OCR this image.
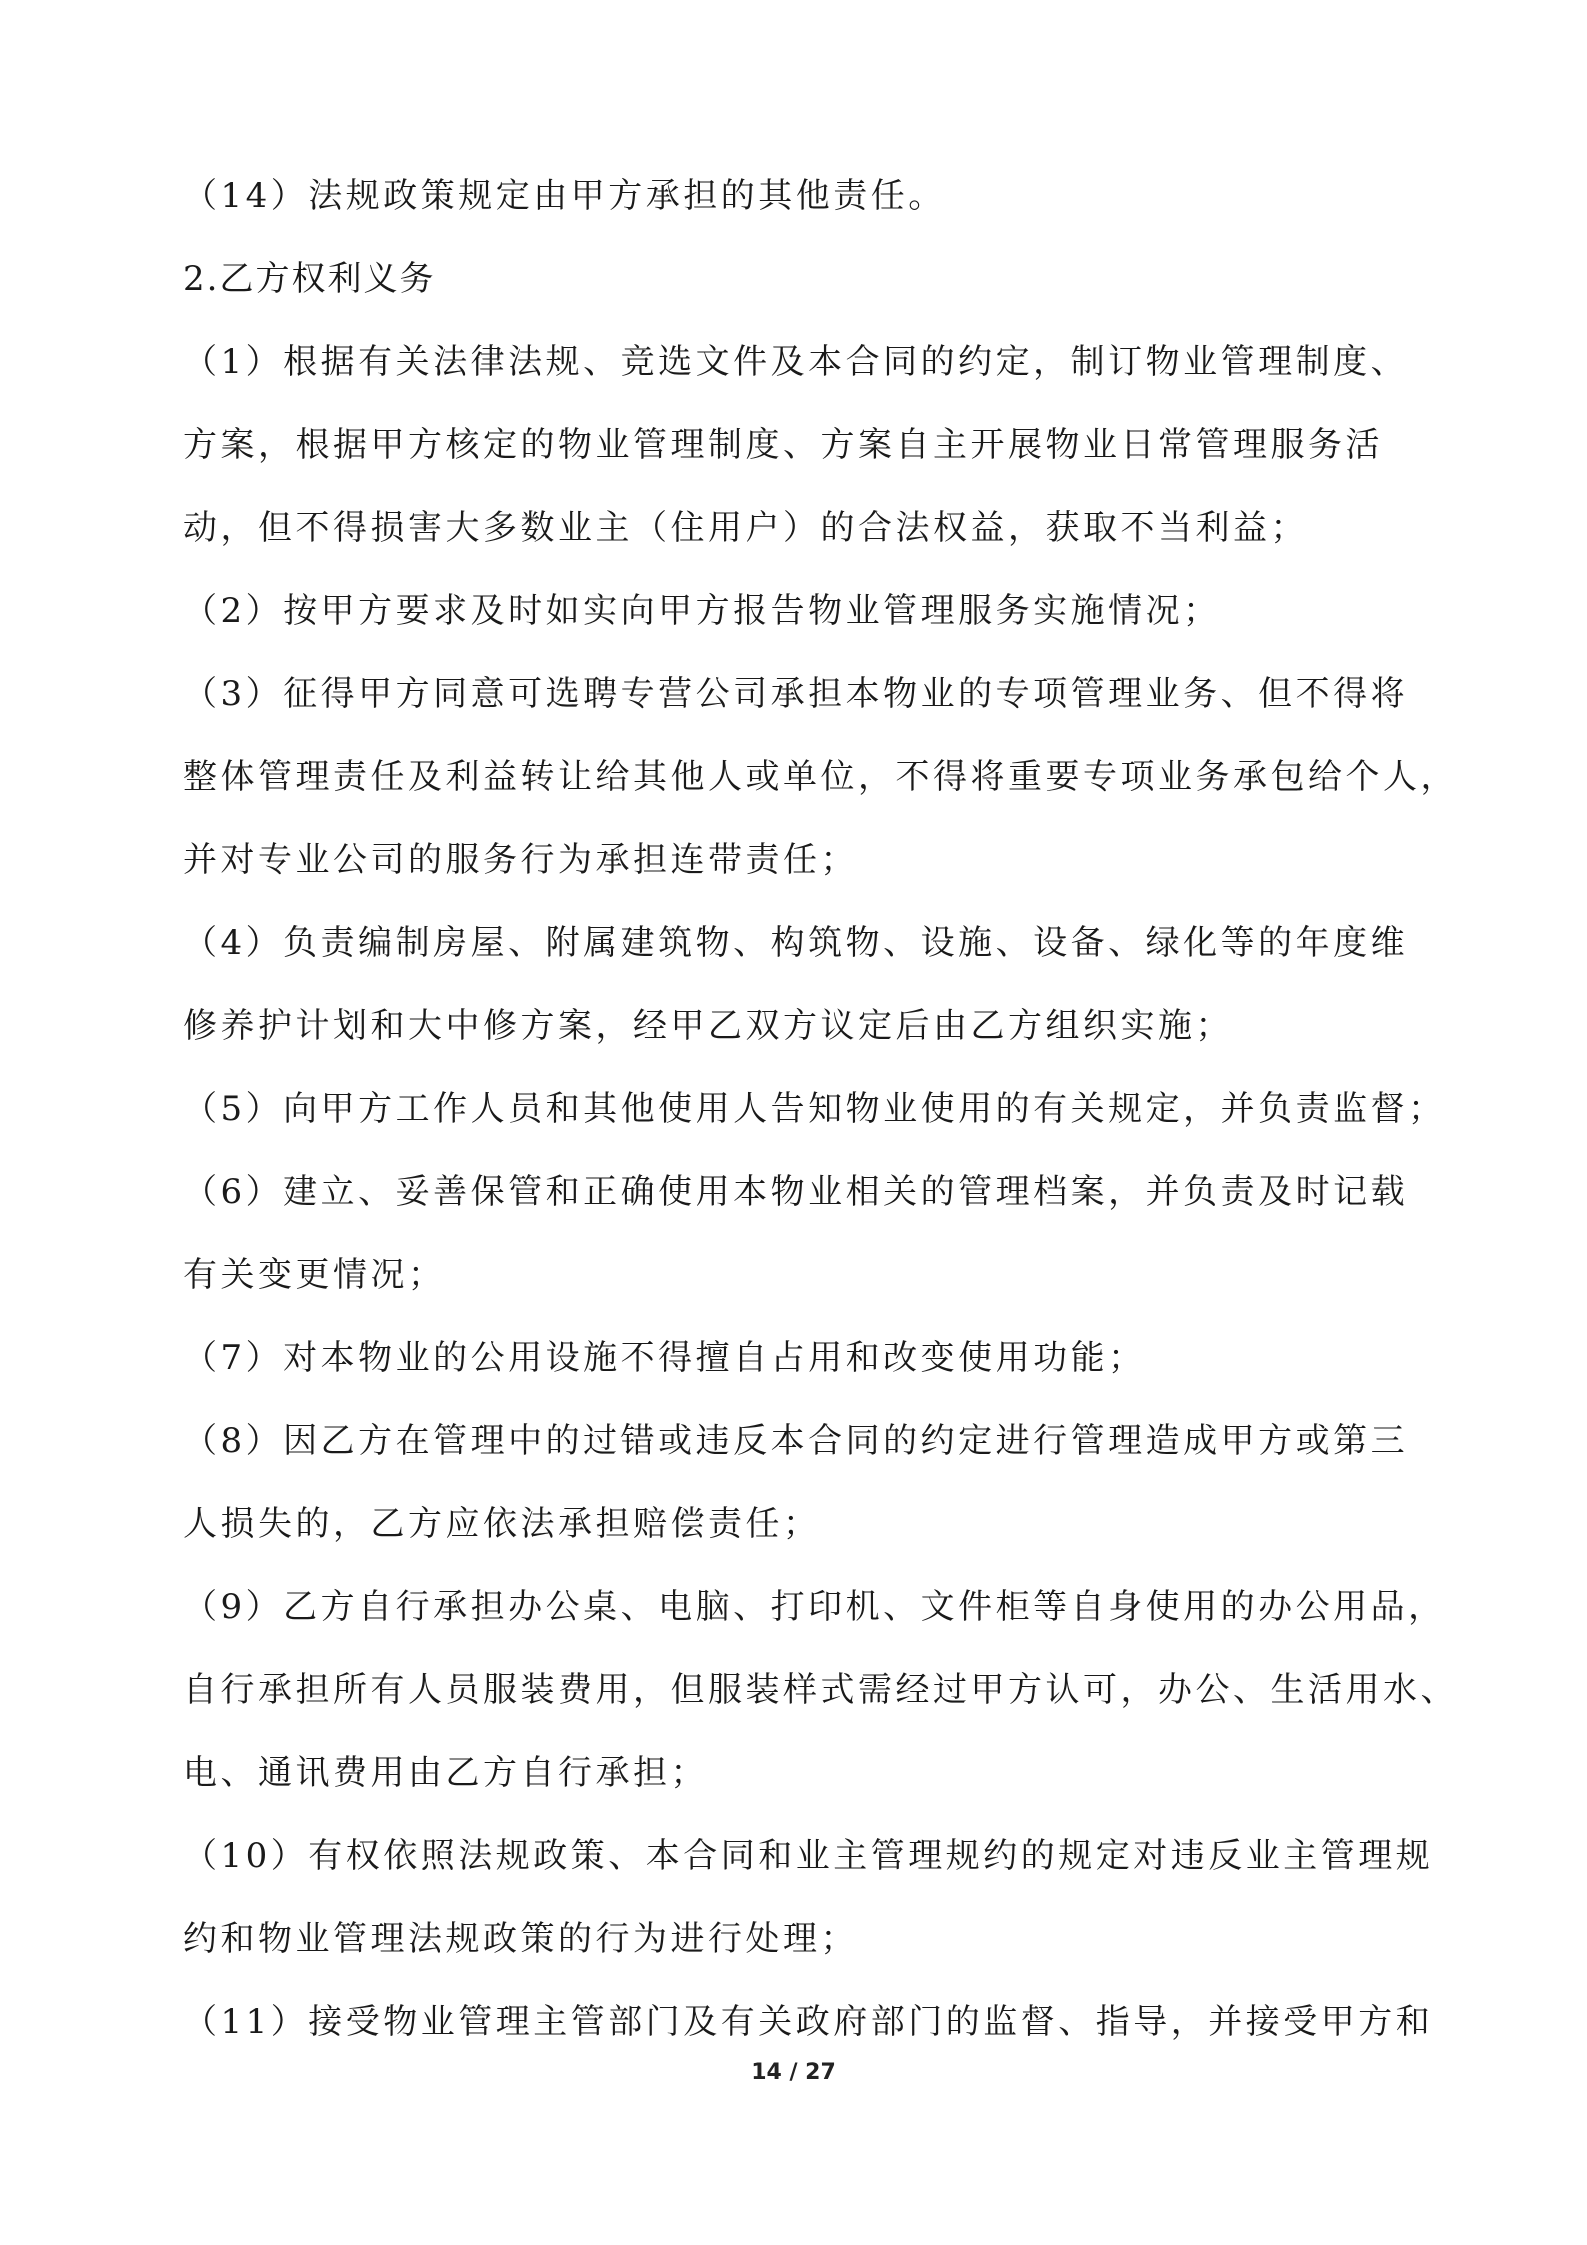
（14）法规政策规定由甲方承担的其他责任。
2.乙方权利义务
（1）根据有关法律法规、竞选文件及本合同的约定，制订物业管理制度、
方案，根据甲方核定的物业管理制度、方案自主开展物业日常管理服务活
动，但不得损害大多数业主（住用户）的合法权益，获取不当利益；
（2）按甲方要求及时如实向甲方报告物业管理服务实施情况；
（3）征得甲方同意可选聘专营公司承担本物业的专项管理业务、但不得将
整体管理责任及利益转让给其他人或单位，不得将重要专项业务承包给个人，
并对专业公司的服务行为承担连带责任；
（4）负责编制房屋、附属建筑物、构筑物、设施、设备、绿化等的年度维
修养护计划和大中修方案，经甲乙双方议定后由乙方组织实施；
（5）向甲方工作人员和其他使用人告知物业使用的有关规定，并负责监督；
（6）建立、妥善保管和正确使用本物业相关的管理档案，并负责及时记载
有关变更情况；
（7）对本物业的公用设施不得擅自占用和改变使用功能；
（8）因乙方在管理中的过错或违反本合同的约定进行管理造成甲方或第三
人损失的，乙方应依法承担赔偿责任；
（9）乙方自行承担办公桌、电脑、打印机、文件柜等自身使用的办公用品，
自行承担所有人员服装费用，但服装样式需经过甲方认可，办公、生活用水、
电、通讯费用由乙方自行承担；
（10）有权依照法规政策、本合同和业主管理规约的规定对违反业主管理规
约和物业管理法规政策的行为进行处理；
（11）接受物业管理主管部门及有关政府部门的监督、指导，并接受甲方和
14 / 27
